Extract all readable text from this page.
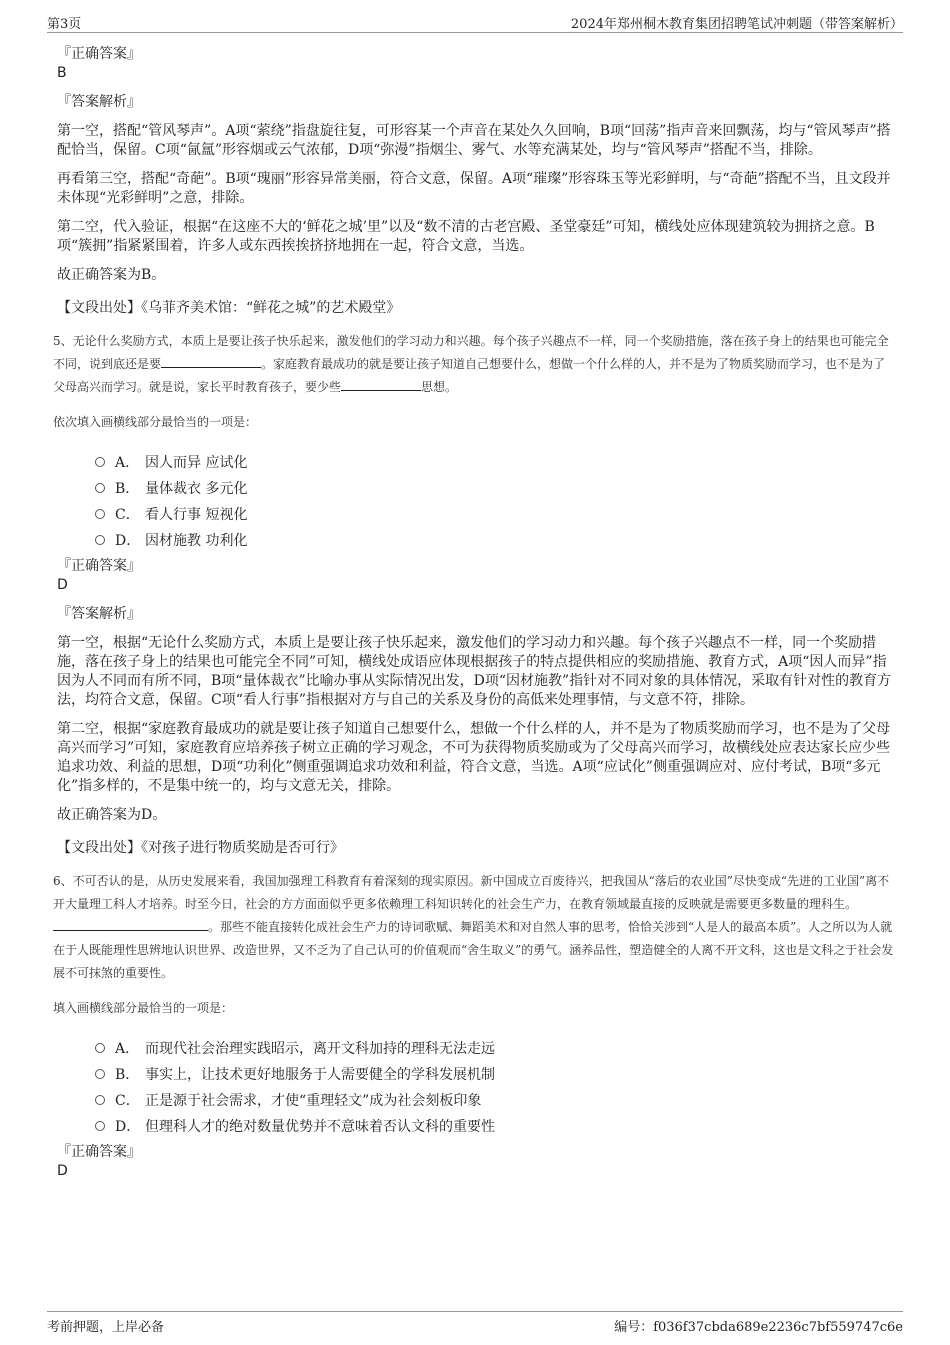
第3页	2024年郑州桐木教育集团招聘笔试冲刺题（带答案解析）

『正确答案』

B

『答案解析』

第一空，搭配“管风琴声”。A项“萦绕”指盘旋往复，可形容某一个声音在某处久久回响，B项“回荡”指声音来回飘荡，均与“管风琴声”搭配恰当，保留。C项“氤氲”形容烟或云气浓郁，D项“弥漫”指烟尘、雾气、水等充满某处，均与“管风琴声”搭配不当，排除。

再看第三空，搭配“奇葩”。B项“瑰丽”形容异常美丽，符合文意，保留。A项“璀璨”形容珠玉等光彩鲜明，与“奇葩”搭配不当，且文段并未体现“光彩鲜明”之意，排除。

第二空，代入验证，根据“在这座不大的‘鲜花之城’里”以及“数不清的古老宫殿、圣堂豪廷”可知，横线处应体现建筑较为拥挤之意。B项“簇拥”指紧紧围着，许多人或东西挨挨挤挤地拥在一起，符合文意，当选。

故正确答案为B。

【文段出处】《乌菲齐美术馆：“鲜花之城”的艺术殿堂》

5、无论什么奖励方式，本质上是要让孩子快乐起来，激发他们的学习动力和兴趣。每个孩子兴趣点不一样，同一个奖励措施，落在孩子身上的结果也可能完全不同，说到底还是要	。家庭教育最成功的就是要让孩子知道自己想要什么，想做一个什么样的人，并不是为了物质奖励而学习，也不是为了父母高兴而学习。就是说，家长平时教育孩子，要少些	思想。

依次填入画横线部分最恰当的一项是：

A． 因人而异 应试化
B． 量体裁衣 多元化
C． 看人行事 短视化
D． 因材施教 功利化

『正确答案』

D

『答案解析』

第一空，根据“无论什么奖励方式，本质上是要让孩子快乐起来，激发他们的学习动力和兴趣。每个孩子兴趣点不一样，同一个奖励措施，落在孩子身上的结果也可能完全不同”可知，横线处成语应体现根据孩子的特点提供相应的奖励措施、教育方式，A项“因人而异”指因为人不同而有所不同，B项“量体裁衣”比喻办事从实际情况出发，D项“因材施教”指针对不同对象的具体情况，采取有针对性的教育方法，均符合文意，保留。C项“看人行事”指根据对方与自己的关系及身份的高低来处理事情，与文意不符，排除。

第二空，根据“家庭教育最成功的就是要让孩子知道自己想要什么，想做一个什么样的人，并不是为了物质奖励而学习，也不是为了父母高兴而学习”可知，家庭教育应培养孩子树立正确的学习观念，不可为获得物质奖励或为了父母高兴而学习，故横线处应表达家长应少些追求功效、利益的思想，D项“功利化”侧重强调追求功效和利益，符合文意，当选。A项“应试化”侧重强调应对、应付考试，B项“多元化”指多样的，不是集中统一的，均与文意无关，排除。

故正确答案为D。

【文段出处】《对孩子进行物质奖励是否可行》

6、不可否认的是，从历史发展来看，我国加强理工科教育有着深刻的现实原因。新中国成立百废待兴，把我国从“落后的农业国”尽快变成“先进的工业国”离不开大量理工科人才培养。时至今日，社会的方方面面似乎更多依赖理工科知识转化的社会生产力，在教育领域最直接的反映就是需要更多数量的理科生。。那些不能直接转化成社会生产力的诗词歌赋、舞蹈美术和对自然人事的思考，恰恰关涉到“人是人的最高本质”。人之所以为人就在于人既能理性思辨地认识世界、改造世界，又不乏为了自己认可的价值观而“舍生取义”的勇气。涵养品性，塑造健全的人离不开文科，这也是文科之于社会发展不可抹煞的重要性。

填入画横线部分最恰当的一项是：

A． 而现代社会治理实践昭示，离开文科加持的理科无法走远
B． 事实上，让技术更好地服务于人需要健全的学科发展机制
C． 正是源于社会需求，才使“重理轻文”成为社会刻板印象
D． 但理科人才的绝对数量优势并不意味着否认文科的重要性

『正确答案』

D

考前押题，上岸必备	编号：f036f37cbda689e2236c7bf559747c6e
